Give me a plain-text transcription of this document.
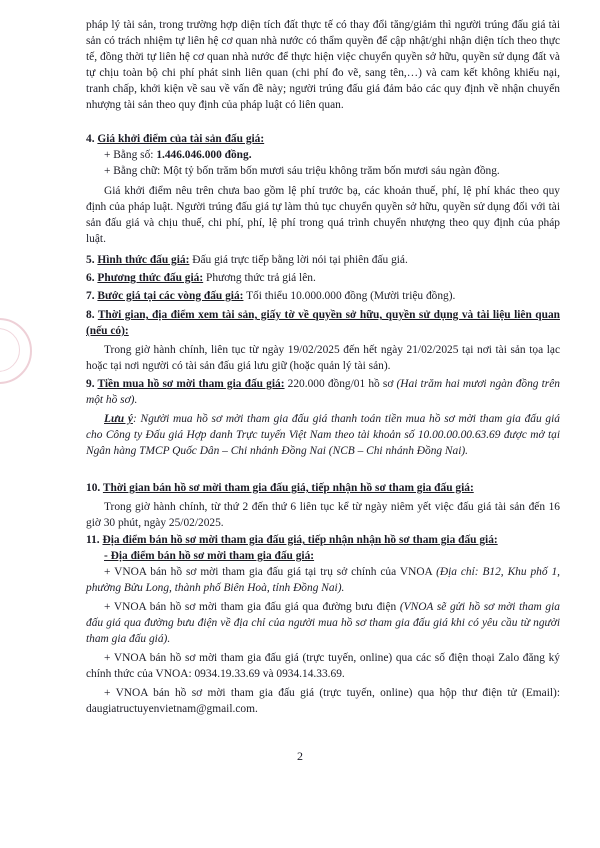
pháp lý tài sản, trong trường hợp diện tích đất thực tế có thay đổi tăng/giảm thì người trúng đấu giá tài sản có trách nhiệm tự liên hệ cơ quan nhà nước có thẩm quyền để cập nhật/ghi nhận diện tích theo thực tế, đồng thời tự liên hệ cơ quan nhà nước để thực hiện việc chuyển quyền sở hữu, quyền sử dụng đất và tự chịu toàn bộ chi phí phát sinh liên quan (chi phí đo vẽ, sang tên,…) và cam kết không khiếu nại, tranh chấp, khởi kiện về sau về vấn đề này; người trúng đấu giá đảm bảo các quy định về nhận chuyển nhượng tài sản theo quy định của pháp luật có liên quan.

4. Giá khởi điểm của tài sản đấu giá:

+ Bằng số: 1.446.046.000 đồng.

+ Bằng chữ: Một tỷ bốn trăm bốn mươi sáu triệu không trăm bốn mươi sáu ngàn đồng.

Giá khởi điểm nêu trên chưa bao gồm lệ phí trước bạ, các khoản thuế, phí, lệ phí khác theo quy định của pháp luật. Người trúng đấu giá tự làm thủ tục chuyển quyền sở hữu, quyền sử dụng đối với tài sản đấu giá và chịu thuế, chi phí, phí, lệ phí trong quá trình chuyển nhượng theo quy định của pháp luật.

5. Hình thức đấu giá: Đấu giá trực tiếp bằng lời nói tại phiên đấu giá.

6. Phương thức đấu giá: Phương thức trả giá lên.

7. Bước giá tại các vòng đấu giá: Tối thiểu 10.000.000 đồng (Mười triệu đồng).

8. Thời gian, địa điểm xem tài sản, giấy tờ về quyền sở hữu, quyền sử dụng và tài liệu liên quan (nếu có):

Trong giờ hành chính, liên tục từ ngày 19/02/2025 đến hết ngày 21/02/2025 tại nơi tài sản tọa lạc hoặc tại nơi người có tài sản đấu giá lưu giữ (hoặc quản lý tài sản).

9. Tiền mua hồ sơ mời tham gia đấu giá: 220.000 đồng/01 hồ sơ (Hai trăm hai mươi ngàn đồng trên một hồ sơ).

Lưu ý: Người mua hồ sơ mời tham gia đấu giá thanh toán tiền mua hồ sơ mời tham gia đấu giá cho Công ty Đấu giá Hợp danh Trực tuyến Việt Nam theo tài khoản số 10.00.00.00.63.69 được mở tại Ngân hàng TMCP Quốc Dân – Chi nhánh Đồng Nai (NCB – Chi nhánh Đồng Nai).

10. Thời gian bán hồ sơ mời tham gia đấu giá, tiếp nhận hồ sơ tham gia đấu giá:

Trong giờ hành chính, từ thứ 2 đến thứ 6 liên tục kể từ ngày niêm yết việc đấu giá tài sản đến 16 giờ 30 phút, ngày 25/02/2025.

11. Địa điểm bán hồ sơ mời tham gia đấu giá, tiếp nhận nhận hồ sơ tham gia đấu giá:

- Địa điểm bán hồ sơ mời tham gia đấu giá:

+ VNOA bán hồ sơ mời tham gia đấu giá tại trụ sở chính của VNOA (Địa chỉ: B12, Khu phố 1, phường Bửu Long, thành phố Biên Hoà, tỉnh Đồng Nai).

+ VNOA bán hồ sơ mời tham gia đấu giá qua đường bưu điện (VNOA sẽ gửi hồ sơ mời tham gia đấu giá qua đường bưu điện về địa chỉ của người mua hồ sơ tham gia đấu giá khi có yêu cầu từ người tham gia đấu giá).

+ VNOA bán hồ sơ mời tham gia đấu giá (trực tuyến, online) qua các số điện thoại Zalo đăng ký chính thức của VNOA: 0934.19.33.69 và 0934.14.33.69.

+ VNOA bán hồ sơ mời tham gia đấu giá (trực tuyến, online) qua hộp thư điện tử (Email): daugiatructuyenvietnam@gmail.com.

2
